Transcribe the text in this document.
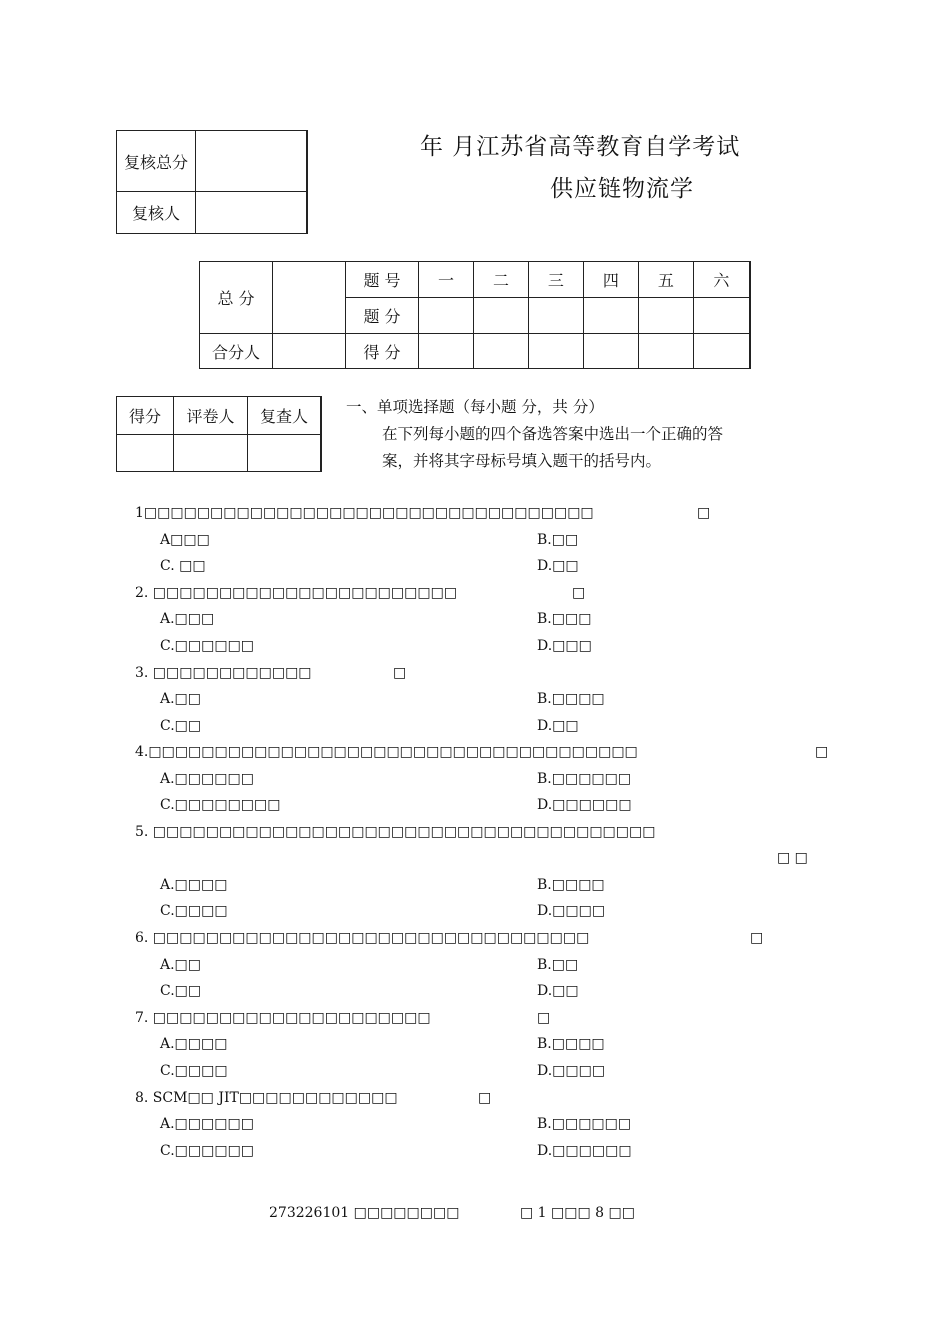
复核总分	
复核人	
年 月江苏省高等教育自学考试
供应链物流学
总 分		题 号	一	二	三	四	五	六
		题 分						
合分人		得 分						
得分	评卷人	复查人
		一、单项选择题（每小题 分，共 分）
在下列每小题的四个备选答案中选出一个正确的答
案，并将其字母标号填入题干的括号内。
1□□□□□□□□□□□□□□□□□□□□□□□□□□□□□□□□□□	□
A□□□	B.□□
C. □□	D.□□
2. □□□□□□□□□□□□□□□□□□□□□□□	□
A.□□□	B.□□□
C.□□□□□□	D.□□□
3. □□□□□□□□□□□□	□
A.□□	B.□□□□
C.□□	D.□□
4.□□□□□□□□□□□□□□□□□□□□□□□□□□□□□□□□□□□□□	□
A.□□□□□□	B.□□□□□□
C.□□□□□□□□	D.□□□□□□
5. □□□□□□□□□□□□□□□□□□□□□□□□□□□□□□□□□□□□□□
□ □
A.□□□□	B.□□□□
C.□□□□	D.□□□□
6. □□□□□□□□□□□□□□□□□□□□□□□□□□□□□□□□□	□
A.□□	B.□□
C.□□	D.□□
7. □□□□□□□□□□□□□□□□□□□□□	□
A.□□□□	B.□□□□
C.□□□□	D.□□□□
8. SCM□□ JIT□□□□□□□□□□□□	□
A.□□□□□□	B.□□□□□□
C.□□□□□□	D.□□□□□□
273226101 □□□□□□□□	□ 1 □□□ 8 □□
